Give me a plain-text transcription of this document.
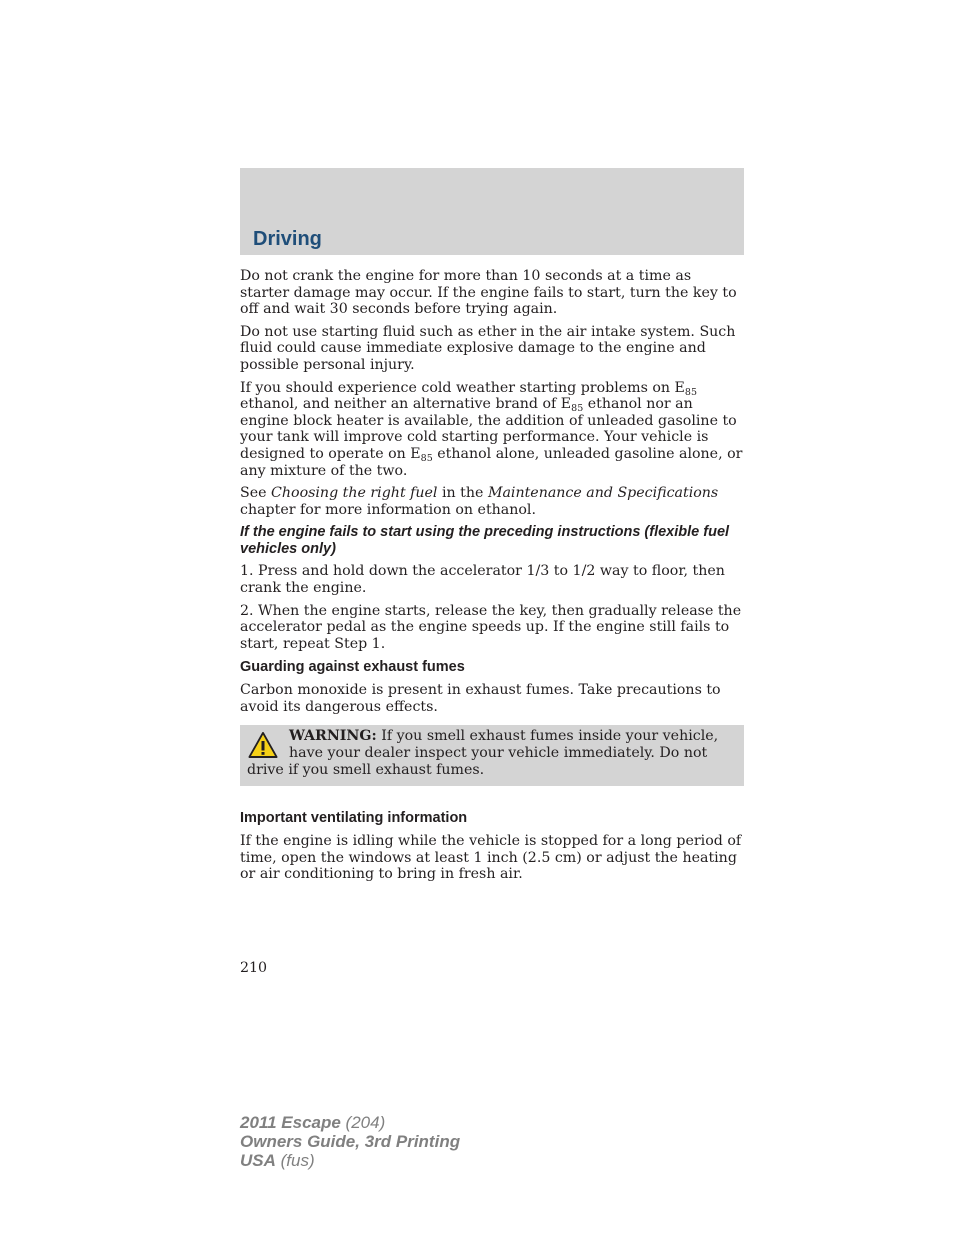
Driving

Do not crank the engine for more than 10 seconds at a time as starter damage may occur. If the engine fails to start, turn the key to off and wait 30 seconds before trying again.

Do not use starting fluid such as ether in the air intake system. Such fluid could cause immediate explosive damage to the engine and possible personal injury.

If you should experience cold weather starting problems on $E_{85}$ ethanol, and neither an alternative brand of $E_{85}$ ethanol nor an engine block heater is available, the addition of unleaded gasoline to your tank will improve cold starting performance. Your vehicle is designed to operate on $E_{85}$ ethanol alone, unleaded gasoline alone, or any mixture of the two.

See Choosing the right fuel in the Maintenance and Specifications chapter for more information on ethanol.

If the engine fails to start using the preceding instructions (flexible fuel vehicles only)

1. Press and hold down the accelerator 1/3 to 1/2 way to floor, then crank the engine.

2. When the engine starts, release the key, then gradually release the accelerator pedal as the engine speeds up. If the engine still fails to start, repeat Step 1.

Guarding against exhaust fumes

Carbon monoxide is present in exhaust fumes. Take precautions to avoid its dangerous effects.

WARNING: If you smell exhaust fumes inside your vehicle, have your dealer inspect your vehicle immediately. Do not drive if you smell exhaust fumes.
Important ventilating information

If the engine is idling while the vehicle is stopped for a long period of time, open the windows at least 1 inch (2.5 cm) or adjust the heating or air conditioning to bring in fresh air.

210
2011 Escape (204)
Owners Guide, 3rd Printing
USA (fus)
